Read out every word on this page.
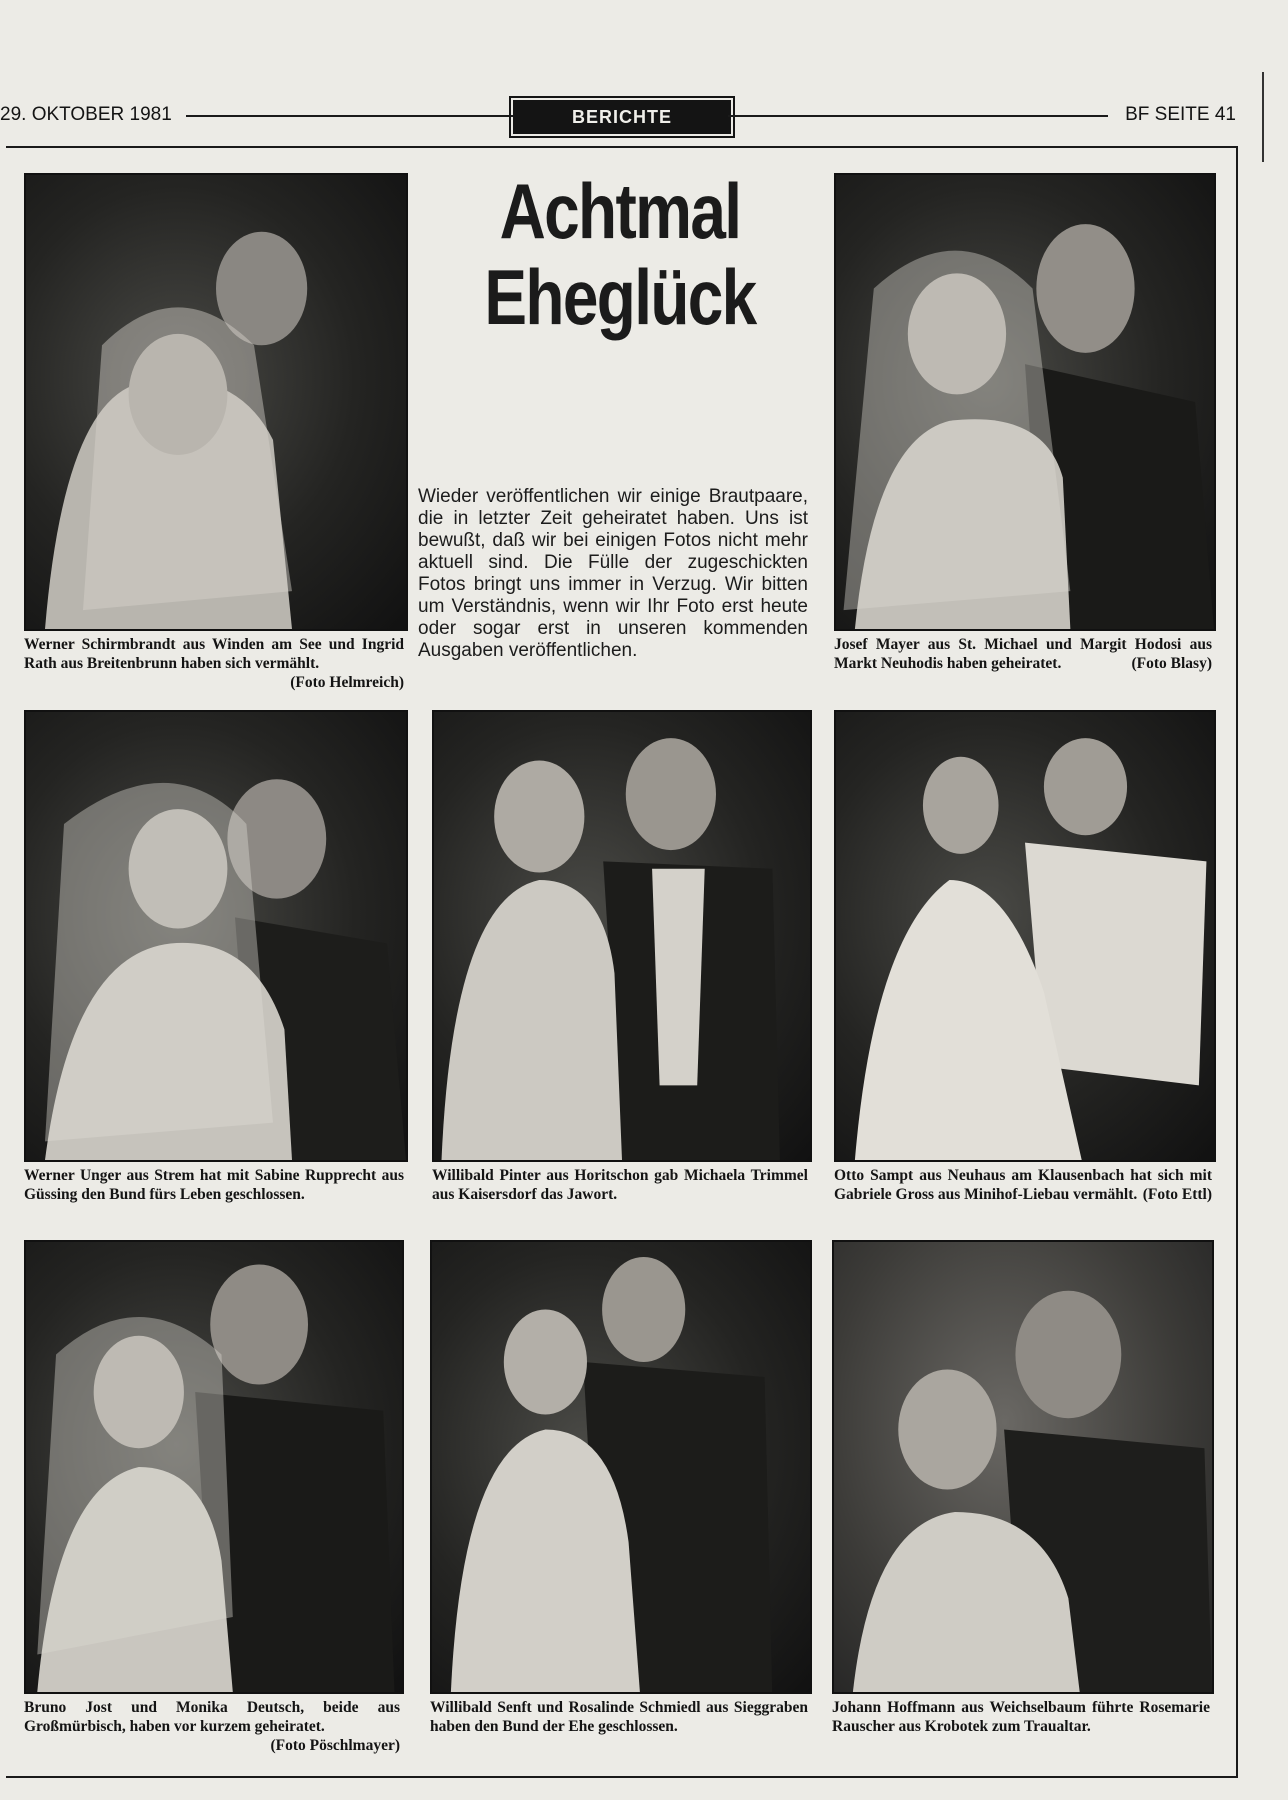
29. OKTOBER 1981	BERICHTE	BF SEITE 41
Achtmal
Eheglück
Wieder veröffentlichen wir einige Brautpaare, die in letzter Zeit geheiratet haben. Uns ist bewußt, daß wir bei einigen Fotos nicht mehr aktuell sind. Die Fülle der zugeschickten Fotos bringt uns immer in Verzug. Wir bitten um Verständnis, wenn wir Ihr Foto erst heute oder sogar erst in unseren kommenden Ausgaben veröffentlichen.
Werner Schirmbrandt aus Winden am See und Ingrid Rath aus Breitenbrunn haben sich vermählt.
(Foto Helmreich)
Josef Mayer aus St. Michael und Margit Hodosi aus Markt Neuhodis haben geheiratet.	(Foto Blasy)
Werner Unger aus Strem hat mit Sabine Rupprecht aus Güssing den Bund fürs Leben geschlossen.
Willibald Pinter aus Horitschon gab Michaela Trimmel aus Kaisersdorf das Jawort.
Otto Sampt aus Neuhaus am Klausenbach hat sich mit Gabriele Gross aus Minihof-Liebau vermählt. (Foto Ettl)
Bruno Jost und Monika Deutsch, beide aus Großmürbisch, haben vor kurzem geheiratet.
(Foto Pöschlmayer)
Willibald Senft und Rosalinde Schmiedl aus Sieggraben haben den Bund der Ehe geschlossen.
Johann Hoffmann aus Weichselbaum führte Rosemarie Rauscher aus Krobotek zum Traualtar.
